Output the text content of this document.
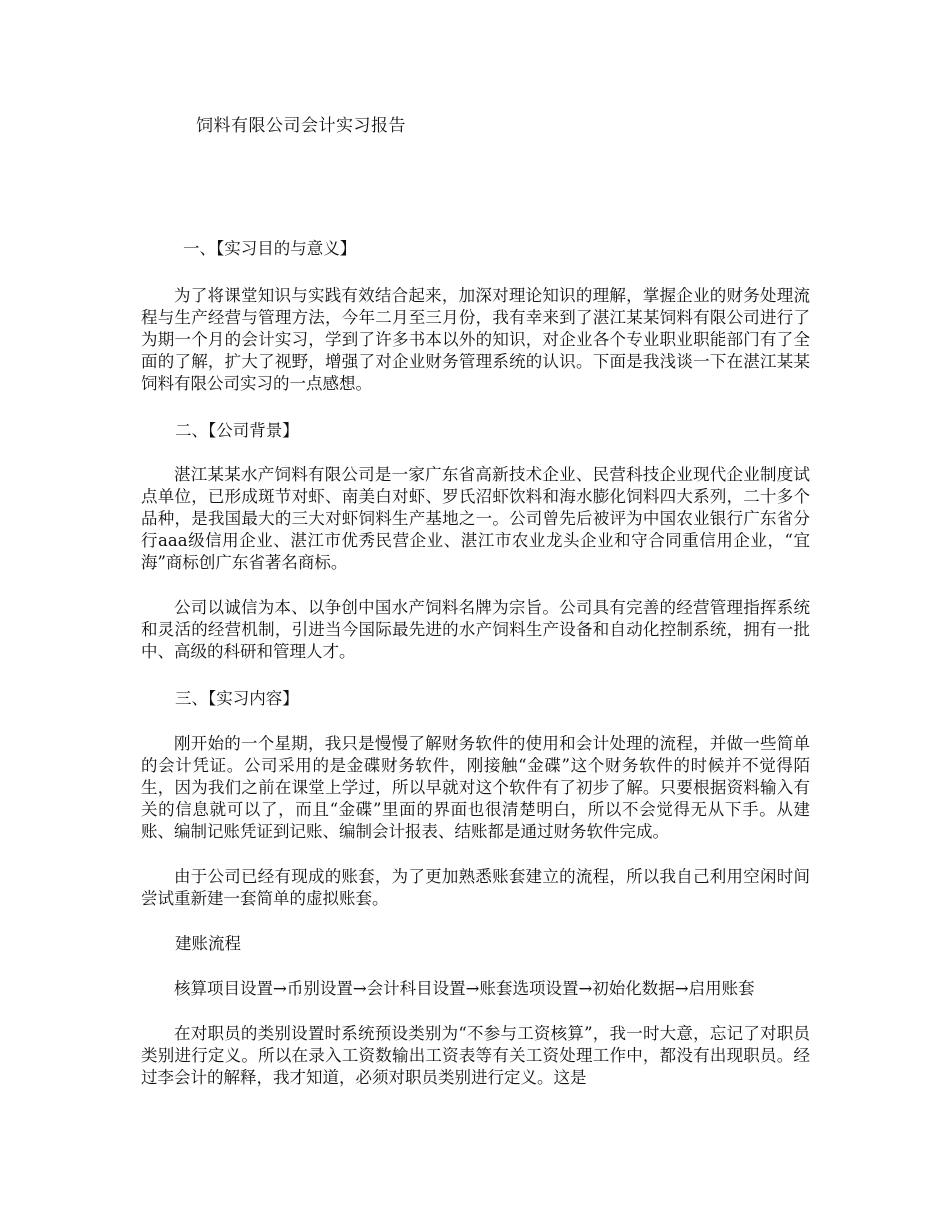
饲料有限公司会计实习报告
一、【实习目的与意义】

为了将课堂知识与实践有效结合起来，加深对理论知识的理解，掌握企业的财务处理流程与生产经营与管理方法，今年二月至三月份，我有幸来到了湛江某某饲料有限公司进行了为期一个月的会计实习，学到了许多书本以外的知识，对企业各个专业职业职能部门有了全面的了解，扩大了视野，增强了对企业财务管理系统的认识。下面是我浅谈一下在湛江某某饲料有限公司实习的一点感想。

二、【公司背景】

湛江某某水产饲料有限公司是一家广东省高新技术企业、民营科技企业现代企业制度试点单位，已形成斑节对虾、南美白对虾、罗氏沼虾饮料和海水膨化饲料四大系列，二十多个品种，是我国最大的三大对虾饲料生产基地之一。公司曾先后被评为中国农业银行广东省分行aaa级信用企业、湛江市优秀民营企业、湛江市农业龙头企业和守合同重信用企业，“宜海”商标创广东省著名商标。

公司以诚信为本、以争创中国水产饲料名牌为宗旨。公司具有完善的经营管理指挥系统和灵活的经营机制，引进当今国际最先进的水产饲料生产设备和自动化控制系统，拥有一批中、高级的科研和管理人才。

三、【实习内容】

刚开始的一个星期，我只是慢慢了解财务软件的使用和会计处理的流程，并做一些简单的会计凭证。公司采用的是金碟财务软件，刚接触“金碟”这个财务软件的时候并不觉得陌生，因为我们之前在课堂上学过，所以早就对这个软件有了初步了解。只要根据资料输入有关的信息就可以了，而且“金碟”里面的界面也很清楚明白，所以不会觉得无从下手。从建账、编制记账凭证到记账、编制会计报表、结账都是通过财务软件完成。

由于公司已经有现成的账套，为了更加熟悉账套建立的流程，所以我自己利用空闲时间尝试重新建一套简单的虚拟账套。

建账流程

核算项目设置→币别设置→会计科目设置→账套选项设置→初始化数据→启用账套

在对职员的类别设置时系统预设类别为“不参与工资核算”，我一时大意，忘记了对职员类别进行定义。所以在录入工资数输出工资表等有关工资处理工作中，都没有出现职员。经过李会计的解释，我才知道，必须对职员类别进行定义。这是
